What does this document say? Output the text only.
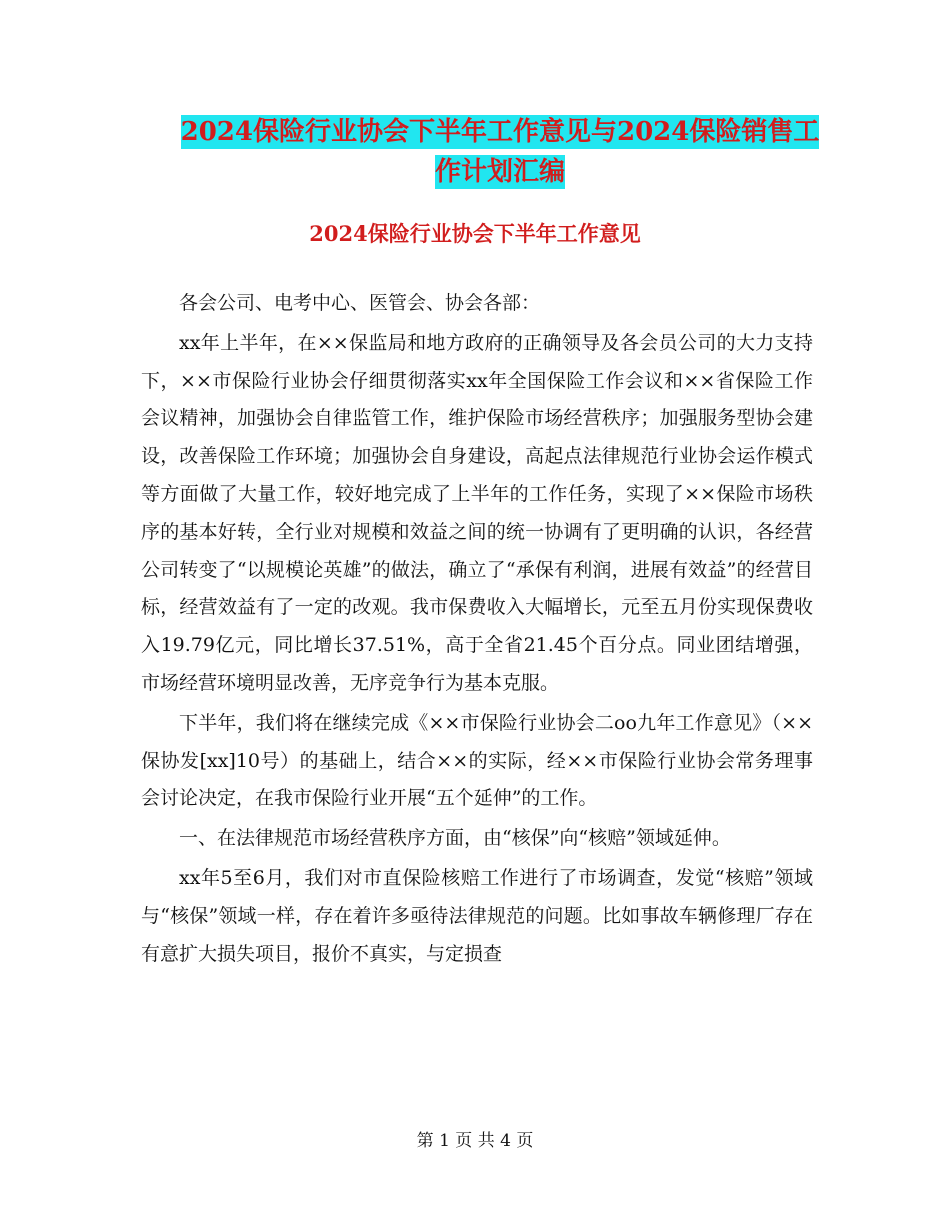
2024保险行业协会下半年工作意见与2024保险销售工
作计划汇编
2024保险行业协会下半年工作意见

各会公司、电考中心、医管会、协会各部：

xx年上半年，在××保监局和地方政府的正确领导及各会员公司的大力支持下，××市保险行业协会仔细贯彻落实xx年全国保险工作会议和××省保险工作会议精神，加强协会自律监管工作，维护保险市场经营秩序；加强服务型协会建设，改善保险工作环境；加强协会自身建设，高起点法律规范行业协会运作模式等方面做了大量工作，较好地完成了上半年的工作任务，实现了××保险市场秩序的基本好转，全行业对规模和效益之间的统一协调有了更明确的认识，各经营公司转变了“以规模论英雄”的做法，确立了“承保有利润，进展有效益”的经营目标，经营效益有了一定的改观。我市保费收入大幅增长，元至五月份实现保费收入19.79亿元，同比增长37.51%，高于全省21.45个百分点。同业团结增强，市场经营环境明显改善，无序竞争行为基本克服。

下半年，我们将在继续完成《××市保险行业协会二oo九年工作意见》（××保协发[xx]10号）的基础上，结合××的实际，经××市保险行业协会常务理事会讨论决定，在我市保险行业开展“五个延伸”的工作。

一、在法律规范市场经营秩序方面，由“核保”向“核赔”领域延伸。

xx年5至6月，我们对市直保险核赔工作进行了市场调查，发觉“核赔”领域与“核保”领域一样，存在着许多亟待法律规范的问题。比如事故车辆修理厂存在有意扩大损失项目，报价不真实，与定损查

第 1 页 共 4 页
